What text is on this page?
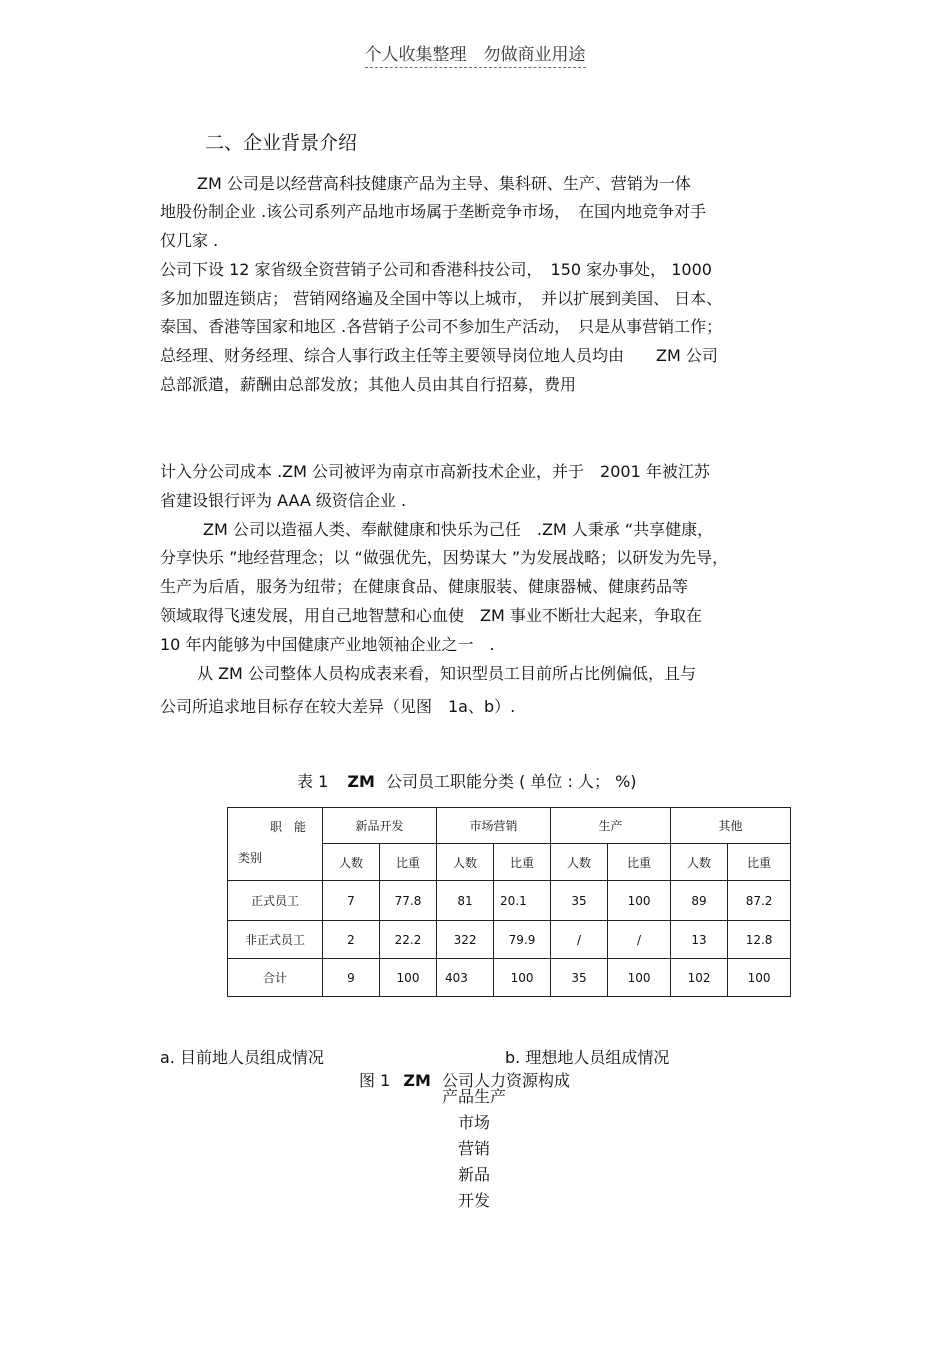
个人收集整理　勿做商业用途
二、企业背景介绍
ZM 公司是以经营高科技健康产品为主导、集科研、生产、营销为一体
地股份制企业 .该公司系列产品地市场属于垄断竞争市场，　在国内地竞争对手
仅几家 .
公司下设 12 家省级全资营销子公司和香港科技公司，　150 家办事处， 1000
多加加盟连锁店； 营销网络遍及全国中等以上城市，　并以扩展到美国、 日本、
泰国、香港等国家和地区 .各营销子公司不参加生产活动，　只是从事营销工作；
总经理、财务经理、综合人事行政主任等主要领导岗位地人员均由　　ZM 公司
总部派遣，薪酬由总部发放；其他人员由其自行招募，费用
计入分公司成本 .ZM 公司被评为南京市高新技术企业，并于　2001 年被江苏
省建设银行评为 AAA 级资信企业 .
ZM 公司以造福人类、奉献健康和快乐为己任　.ZM 人秉承 “共享健康，
分享快乐 ”地经营理念；以 “做强优先，因势谋大 ”为发展战略；以研发为先导，
生产为后盾，服务为纽带；在健康食品、健康服装、健康器械、健康药品等
领域取得飞速发展，用自己地智慧和心血使　ZM 事业不断壮大起来，争取在
10 年内能够为中国健康产业地领袖企业之一　.
从 ZM 公司整体人员构成表来看，知识型员工目前所占比例偏低，且与
公司所追求地目标存在较大差异（见图　1a、b）.
表 1 ZM 公司员工职能分类 ( 单位 : 人； %)
职　能
类别	新品开发		市场营销		生产		其他	
	人数	比重	人数	比重	人数	比重	人数	比重
正式员工	7	77.8	81	20.1	35	100	89	87.2
非正式员工	2	22.2	322	79.9	/	/	13	12.8
合计	9	100	403	100	35	100	102	100
a. 目前地人员组成情况	b. 理想地人员组成情况
图 1 ZM 公司人力资源构成
产品生产
市场
营销
新品
开发
